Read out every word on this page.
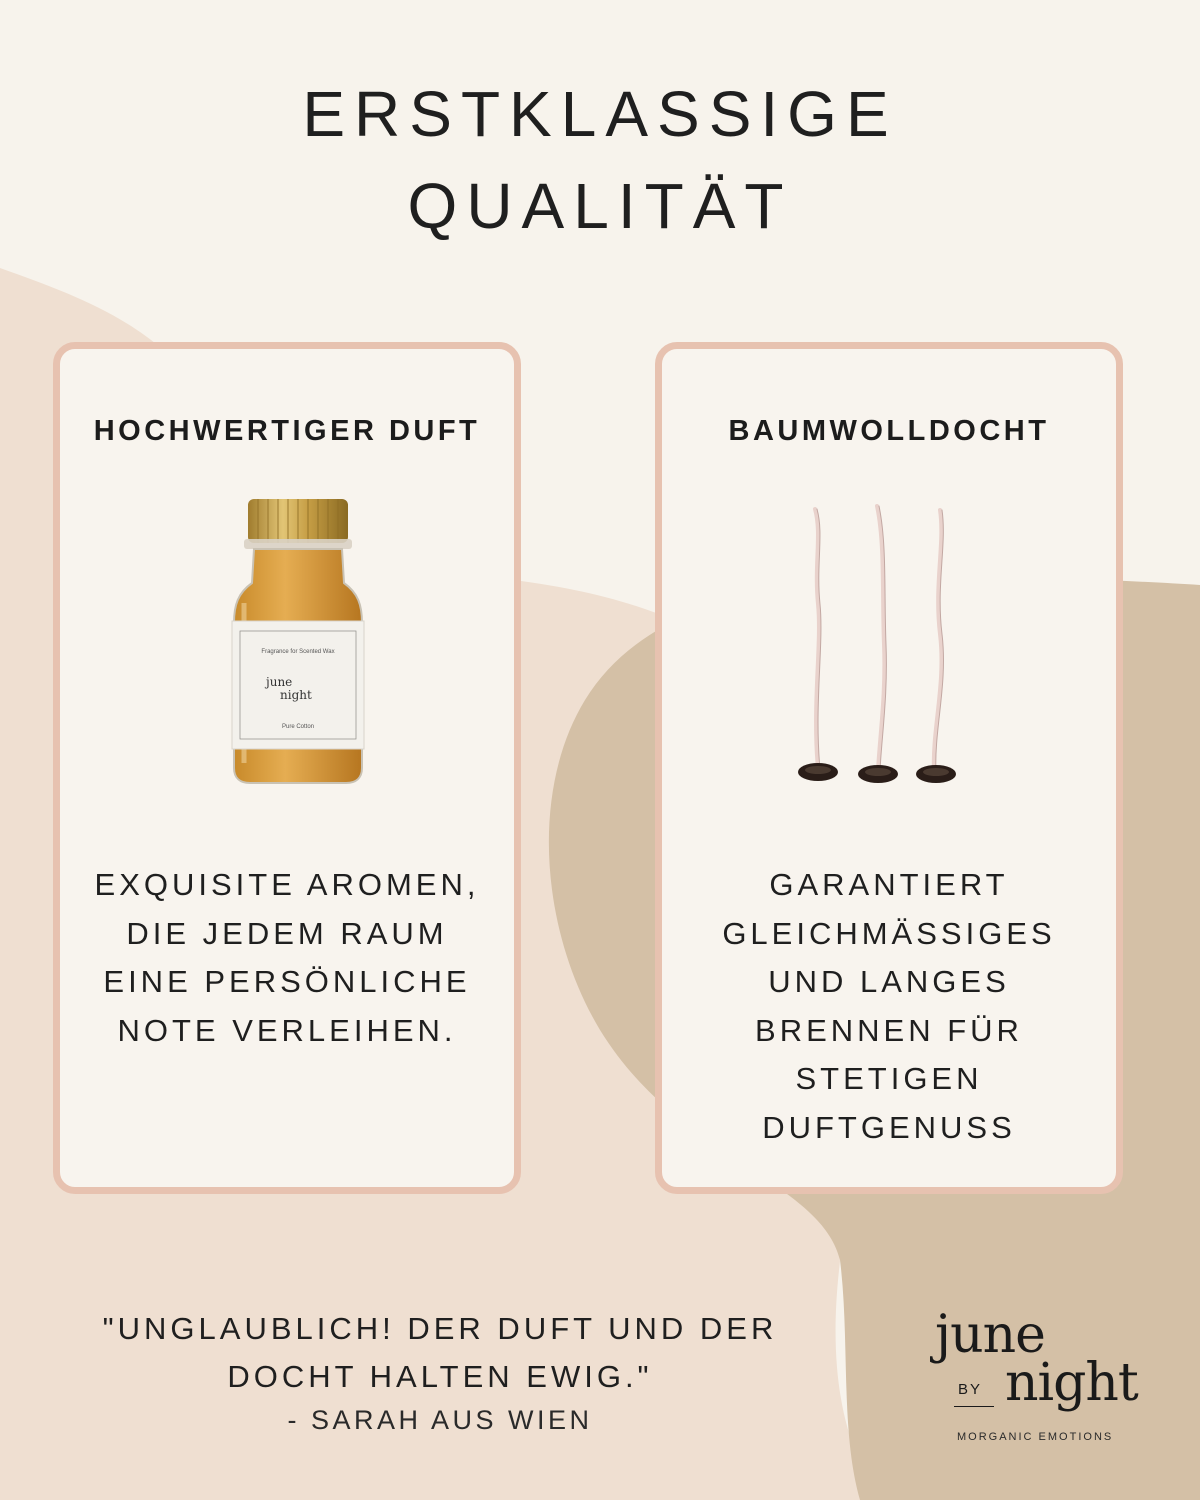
ERSTKLASSIGE
QUALITÄT
HOCHWERTIGER DUFT
Fragrance for Scented Wax
june
night
Pure Cotton
EXQUISITE AROMEN,
DIE JEDEM RAUM
EINE PERSÖNLICHE
NOTE VERLEIHEN.
BAUMWOLLDOCHT
GARANTIERT
GLEICHMÄSSIGES
UND LANGES
BRENNEN FÜR
STETIGEN
DUFTGENUSS
"UNGLAUBLICH! DER DUFT UND DER
DOCHT HALTEN EWIG."
- SARAH AUS WIEN
june
BY night
MORGANIC EMOTIONS
